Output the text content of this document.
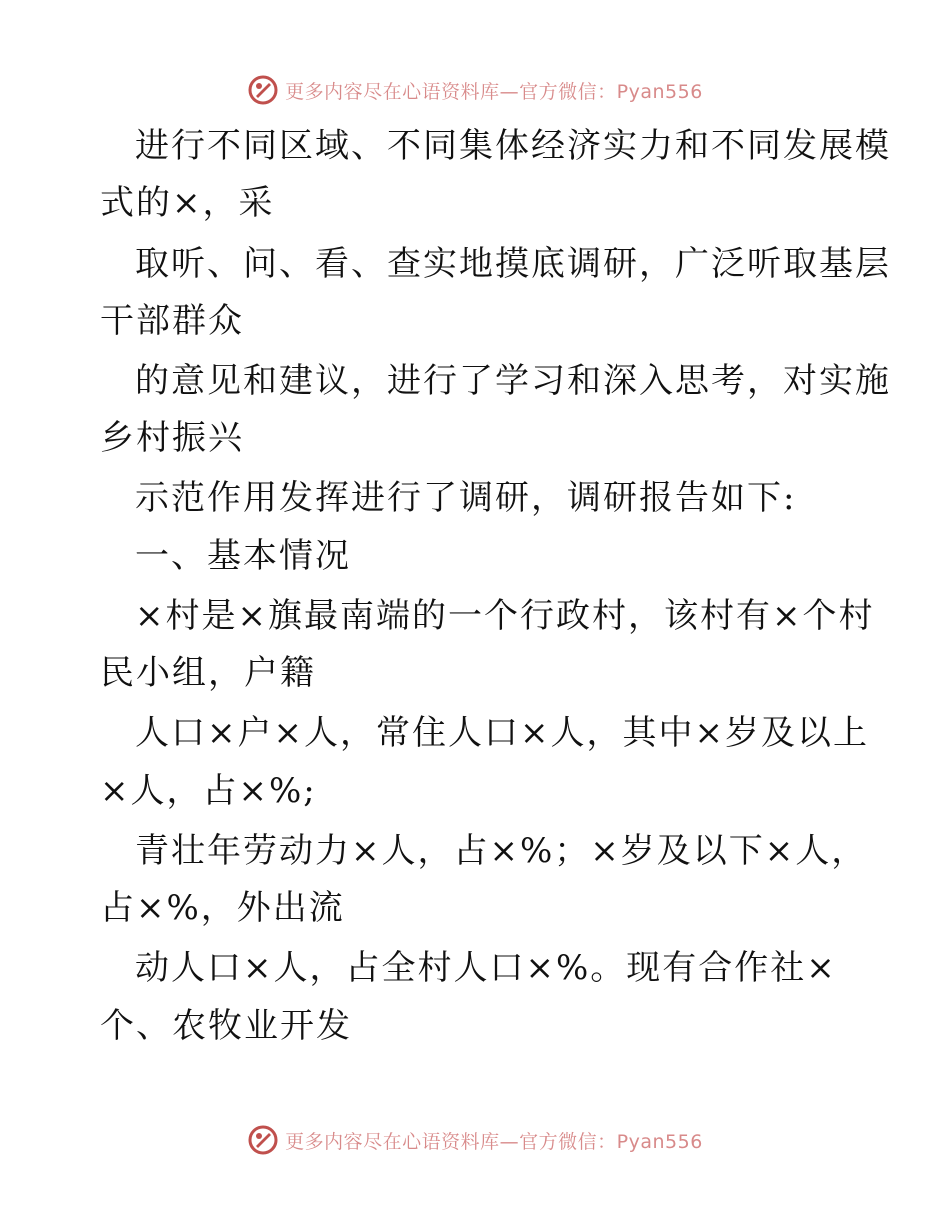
更多内容尽在心语资料库—官方微信：Pyan556
进行不同区域、不同集体经济实力和不同发展模
式的×，采
取听、问、看、查实地摸底调研，广泛听取基层
干部群众
的意见和建议，进行了学习和深入思考，对实施
乡村振兴
示范作用发挥进行了调研，调研报告如下:
一、基本情况
×村是×旗最南端的一个行政村，该村有×个村
民小组，户籍
人口×户×人，常住人口×人，其中×岁及以上
×人，占×%;
青壮年劳动力×人，占×%；×岁及以下×人，
占×%，外出流
动人口×人，占全村人口×%。现有合作社×
个、农牧业开发
更多内容尽在心语资料库—官方微信：Pyan556
